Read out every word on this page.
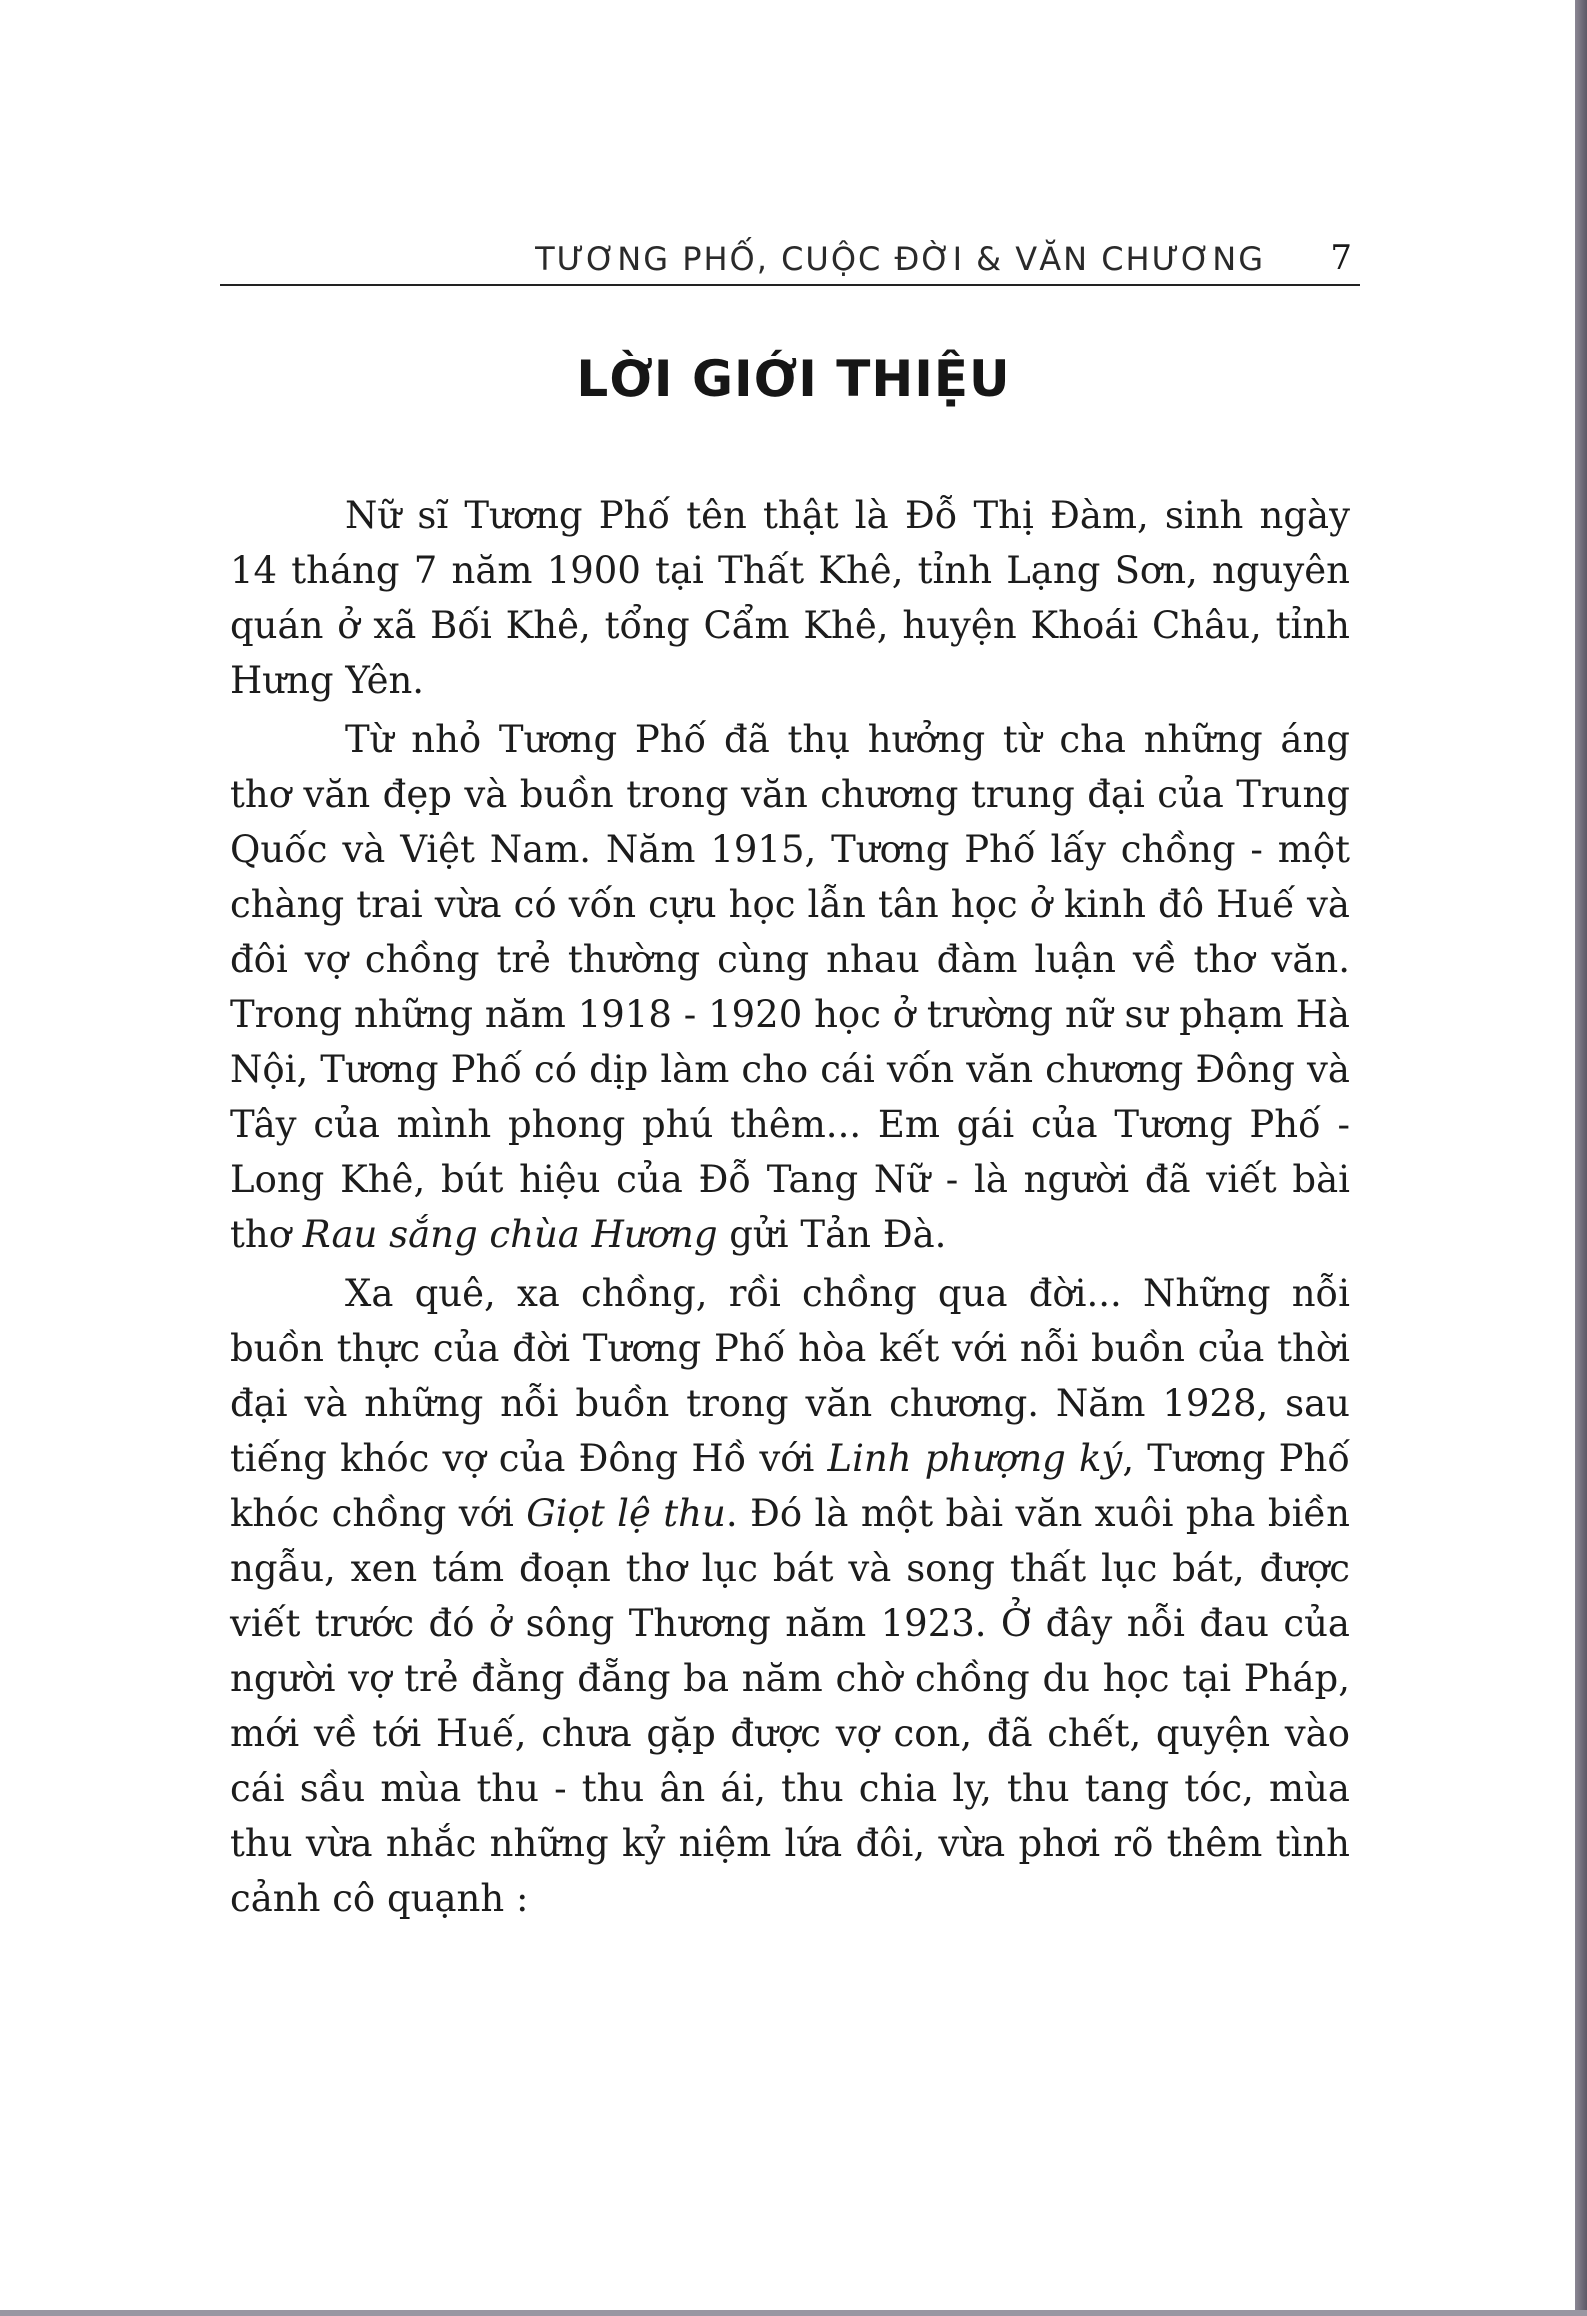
TƯƠNG PHỐ, CUỘC ĐỜI & VĂN CHƯƠNG 7
LỜI GIỚI THIỆU

Nữ sĩ Tương Phố tên thật là Đỗ Thị Đàm, sinh ngày 14 tháng 7 năm 1900 tại Thất Khê, tỉnh Lạng Sơn, nguyên quán ở xã Bối Khê, tổng Cẩm Khê, huyện Khoái Châu, tỉnh Hưng Yên.

Từ nhỏ Tương Phố đã thụ hưởng từ cha những áng thơ văn đẹp và buồn trong văn chương trung đại của Trung Quốc và Việt Nam. Năm 1915, Tương Phố lấy chồng - một chàng trai vừa có vốn cựu học lẫn tân học ở kinh đô Huế và đôi vợ chồng trẻ thường cùng nhau đàm luận về thơ văn. Trong những năm 1918 - 1920 học ở trường nữ sư phạm Hà Nội, Tương Phố có dịp làm cho cái vốn văn chương Đông và Tây của mình phong phú thêm... Em gái của Tương Phố - Long Khê, bút hiệu của Đỗ Tang Nữ - là người đã viết bài thơ Rau sắng chùa Hương gửi Tản Đà.

Xa quê, xa chồng, rồi chồng qua đời... Những nỗi buồn thực của đời Tương Phố hòa kết với nỗi buồn của thời đại và những nỗi buồn trong văn chương. Năm 1928, sau tiếng khóc vợ của Đông Hồ với Linh phượng ký, Tương Phố khóc chồng với Giọt lệ thu. Đó là một bài văn xuôi pha biền ngẫu, xen tám đoạn thơ lục bát và song thất lục bát, được viết trước đó ở sông Thương năm 1923. Ở đây nỗi đau của người vợ trẻ đằng đẵng ba năm chờ chồng du học tại Pháp, mới về tới Huế, chưa gặp được vợ con, đã chết, quyện vào cái sầu mùa thu - thu ân ái, thu chia ly, thu tang tóc, mùa thu vừa nhắc những kỷ niệm lứa đôi, vừa phơi rõ thêm tình cảnh cô quạnh :
